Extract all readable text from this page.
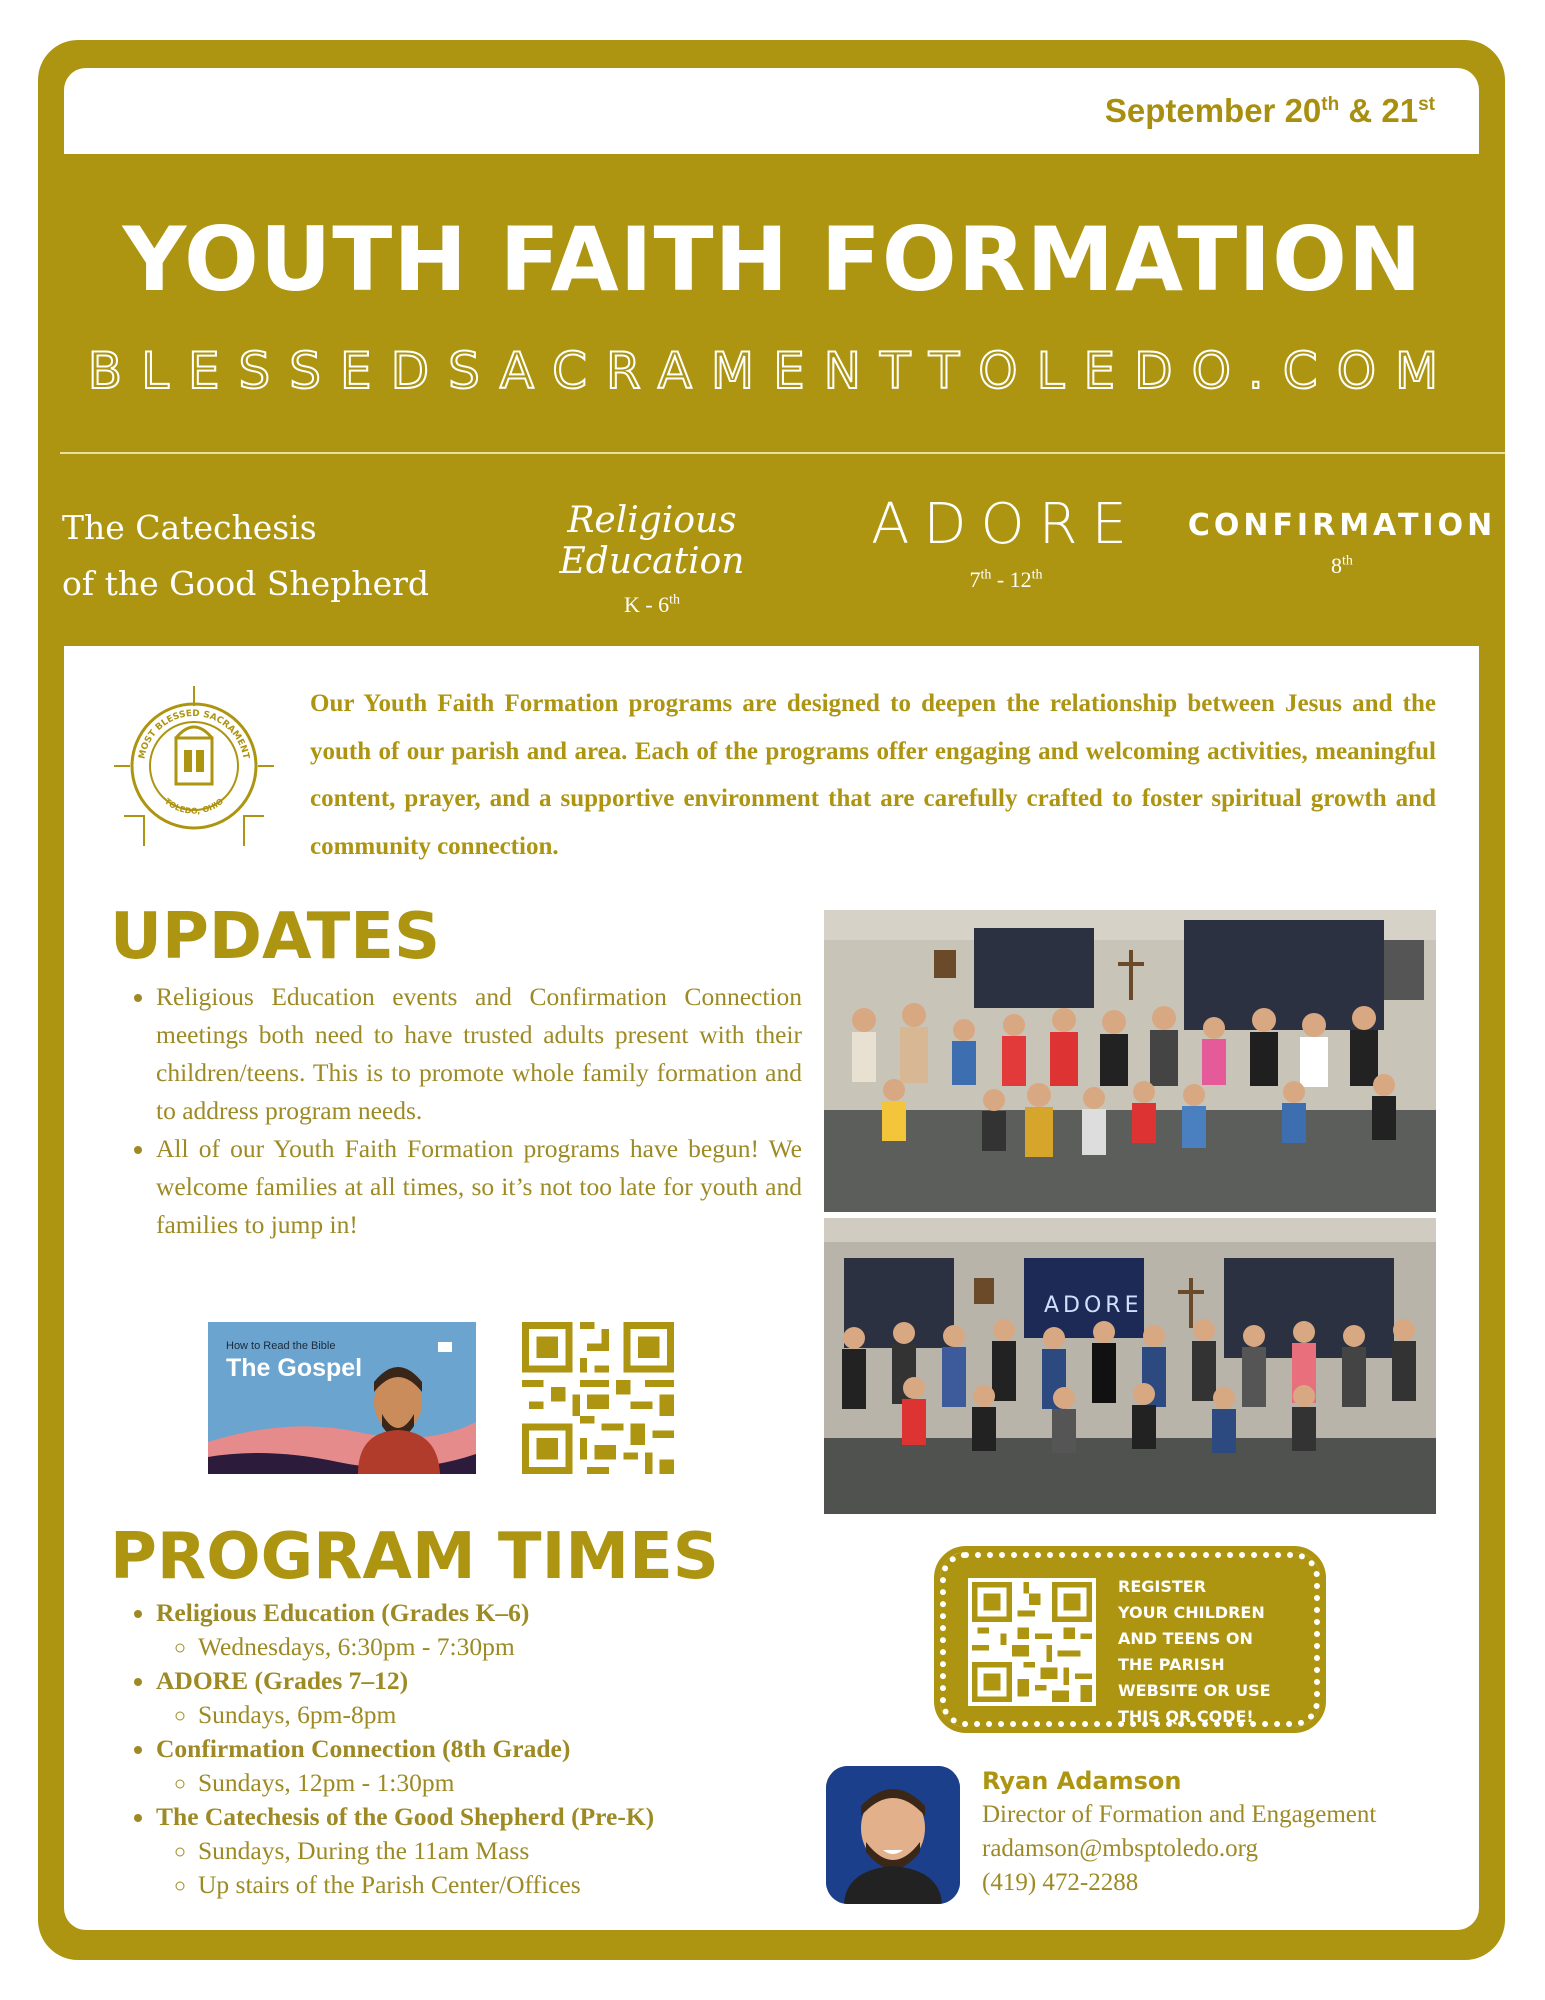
September 20th & 21st
YOUTH FAITH FORMATION
BLESSEDSACRAMENTTOLEDO.COM
The Catechesis
of the Good Shepherd
Religious Education
K - 6th
ADORE
7th - 12th
CONFIRMATION
8th
MOST BLESSED SACRAMENT
TOLEDO, OHIO
Our Youth Faith Formation programs are designed to deepen the relationship between Jesus and the youth of our parish and area. Each of the programs offer engaging and welcoming activities, meaningful content, prayer, and a supportive environment that are carefully crafted to foster spiritual growth and community connection.
UPDATES
• Religious Education events and Confirmation Connection meetings both need to have trusted adults present with their children/teens. This is to promote whole family formation and to address program needs.
• All of our Youth Faith Formation programs have begun! We welcome families at all times, so it’s not too late for youth and families to jump in!
How to Read the Bible
The Gospel
ADORE
PROGRAM TIMES
• Religious Education (Grades K–6)
◦ Wednesdays, 6:30pm - 7:30pm
• ADORE (Grades 7–12)
◦ Sundays, 6pm-8pm
• Confirmation Connection (8th Grade)
◦ Sundays, 12pm - 1:30pm
• The Catechesis of the Good Shepherd (Pre-K)
◦ Sundays, During the 11am Mass
◦ Up stairs of the Parish Center/Offices
REGISTER
YOUR CHILDREN
AND TEENS ON
THE PARISH
WEBSITE OR USE
THIS QR CODE!
Ryan Adamson
Director of Formation and Engagement
radamson@mbsptoledo.org
(419) 472-2288
